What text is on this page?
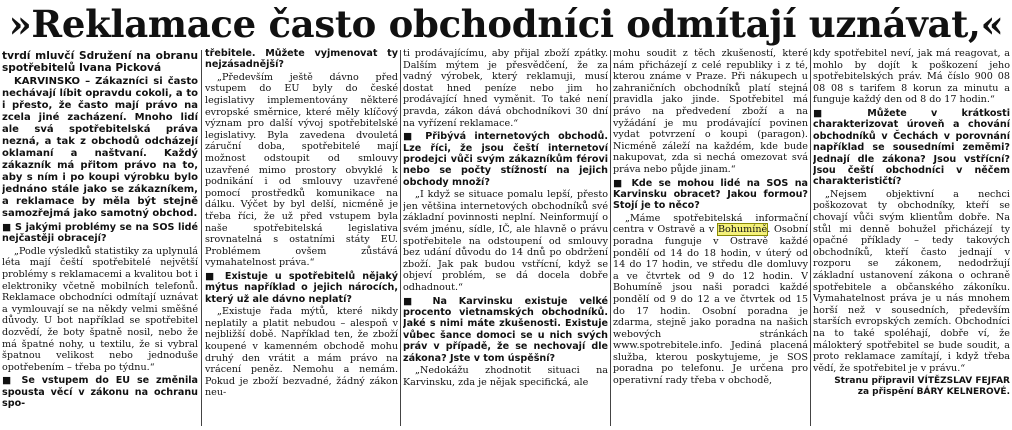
»Reklamace často obchodníci odmítají uznávat,«
tvrdí mluvčí Sdružení na obranu spotřebitelů Ivana Picková

KARVINSKO – Zákazníci si často nechávají líbit opravdu cokoli, a to i přesto, že často mají právo na zcela jiné zacházení. Mnoho lidí ale svá spotřebitelská práva nezná, a tak z obchodů odcházejí oklamaní a naštvaní. Každý zákazník má přitom právo na to, aby s ním i po koupi výrobku bylo jednáno stále jako se zákazníkem, a reklamace by měla být stejně samozřejmá jako samotný obchod.

■ S jakými problémy se na SOS lidé nejčastěji obracejí?

„Podle výsledků statistiky za uplynulá léta mají čeští spotřebitelé největší problémy s reklamacemi a kvalitou bot i elektroniky včetně mobilních telefonů. Reklamace obchodníci odmítají uznávat a vymlouvají se na někdy velmi směšné důvody. U bot například se spotřebitel dozvědí, že boty špatně nosil, nebo že má špatné nohy, u textilu, že si vybral špatnou velikost nebo jednoduše opotřebením – třeba po týdnu.“

■ Se vstupem do EU se změnila spousta věcí v zákonu na ochranu spo-
třebitele. Můžete vyjmenovat ty nejzásadnější?

„Především ještě dávno před vstupem do EU byly do české legislativy implementovány některé evropské směrnice, které měly klíčový význam pro další vývoj spotřebitelské legislativy. Byla zavedena dvouletá záruční doba, spotřebitelé mají možnost odstoupit od smlouvy uzavřené mimo prostory obvyklé k podnikání i od smlouvy uzavřené pomocí prostředků komunikace na dálku. Výčet by byl delší, nicméně je třeba říci, že už před vstupem byla naše spotřebitelská legislativa srovnatelná s ostatními státy EU. Problémem ovšem zůstává vymahatelnost práva.“

■ Existuje u spotřebitelů nějaký mýtus například o jejich nárocích, který už ale dávno neplatí?

„Existuje řada mýtů, které nikdy neplatily a platit nebudou – alespoň v nejbližší době. Například ten, že zboží koupené v kamenném obchodě mohu druhý den vrátit a mám právo na vrácení peněz. Nemohu a nemám. Pokud je zboží bezvadné, žádný zákon neu-

ti prodávajícímu, aby přijal zboží zpátky. Dalším mýtem je přesvědčení, že za vadný výrobek, který reklamuji, musí dostat hned peníze nebo jim ho prodávající hned vyměnit. To také není pravda, zákon dává obchodníkovi 30 dní na vyřízení reklamace.“

■ Přibývá internetových obchodů. Lze říci, že jsou čeští internetoví prodejci vůči svým zákazníkům férovi nebo se počty stížností na jejich obchody množí?

„I když se situace pomalu lepší, přesto jen většina internetových obchodníků své základní povinnosti neplní. Neinformují o svém jménu, sídle, IČ, ale hlavně o právu spotřebitele na odstoupení od smlouvy bez udání důvodu do 14 dnů po obdržení zboží. Jak pak budou vstřícní, když se objeví problém, se dá docela dobře odhadnout.“

■ Na Karvinsku existuje velké procento vietnamských obchodníků. Jaké s nimi máte zkušenosti. Existuje vůbec šance domoci se u nich svých práv v případě, že se nechovají dle zákona? Jste v tom úspěšní?

„Nedokážu zhodnotit situaci na Karvinsku, zda je nějak specifická, ale

mohu soudit z těch zkušeností, které nám přicházejí z celé republiky i z té, kterou známe v Praze. Při nákupech u zahraničních obchodníků platí stejná pravidla jako jinde. Spotřebitel má právo na předvedení zboží a na vyžádání je mu prodávající povinen vydat potvrzení o koupi (paragon). Nicméně záleží na každém, kde bude nakupovat, zda si nechá omezovat svá práva nebo půjde jinam.“

■ Kde se mohou lidé na SOS na Karvinsku obracet? Jakou formou? Stojí je to něco?

„Máme spotřebitelská informační centra v Ostravě a v Bohumíně. Osobní poradna funguje v Ostravě každé pondělí od 14 do 18 hodin, v úterý od 14 do 17 hodin, ve středu dle domluvy a ve čtvrtek od 9 do 12 hodin. V Bohumíně jsou naši poradci každé pondělí od 9 do 12 a ve čtvrtek od 15 do 17 hodin. Osobní poradna je zdarma, stejně jako poradna na našich webových stránkách www.spotrebitele.info. Jediná placená služba, kterou poskytujeme, je SOS poradna po telefonu. Je určena pro operativní rady třeba v obchodě,

kdy spotřebitel neví, jak má reagovat, a mohlo by dojít k poškození jeho spotřebitelských práv. Má číslo 900 08 08 08 s tarifem 8 korun za minutu a funguje každý den od 8 do 17 hodin.“

■ Můžete v krátkosti charakterizovat úroveň a chování obchodníků v Čechách v porovnání například se sousedními zeměmi? Jednají dle zákona? Jsou vstřícní? Jsou čeští obchodníci v něčem charakterističtí?

„Nejsem objektivní a nechci poškozovat ty obchodníky, kteří se chovají vůči svým klientům dobře. Na stůl mi denně bohužel přicházejí ty opačné příklady – tedy takových obchodníků, kteří často jednají v rozporu se zákonem, nedodržují základní ustanovení zákona o ochraně spotřebitele a občanského zákoníku. Vymahatelnost práva je u nás mnohem horší než v sousedních, především starších evropských zemích. Obchodníci na to také spoléhají, dobře ví, že málokterý spotřebitel se bude soudit, a proto reklamace zamítají, i když třeba vědí, že spotřebitel je v právu.“

Stranu připravil VÍTĚZSLAV FEJFAR
za přispění BÁRY KELNEROVÉ.
